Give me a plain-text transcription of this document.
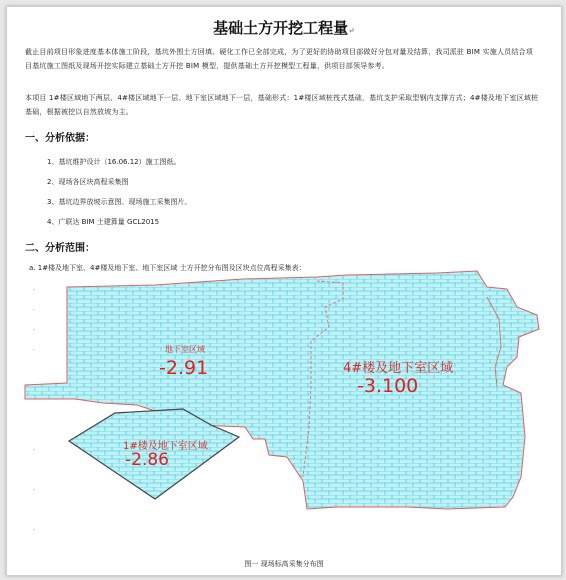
基础土方开挖工程量↵
截止目前项目形象进度基本体施工阶段，基坑外围土方回填、硬化工作已全部完成，为了更好的协助项目部做好分包对量及结算，我司派驻 BIM 实施人员结合项目基坑施工图纸及现场开挖实际建立基础土方开挖 BIM 模型，提供基础土方开挖模型工程量，供项目部领导参考。
本项目 1#楼区域地下两层、4#楼区域地下一层、地下室区域地下一层，基础形式：1#楼区域桩筏式基础，基坑支护采取型钢内支撑方式；4#楼及地下室区域桩基础，根据被挖以自然放坡为主。
一、分析依据：
1、基坑维护设计（16.06.12）施工图纸。
2、现场各区块高程采集图
3、基坑边界放坡示意图、现场施工采集图片。
4、广联达 BIM 土建算量 GCL2015
二、分析范围：
a. 1#楼及地下室、4#楼及地下室、地下室区域 土方开挖分布图及区块点位高程采集表：
.
.
.
.
.
.
.
地下室区域
-2.91	4#楼及地下室区域
-3.100
1#楼及地下室区域
-2.86
图一 现场标高采集分布图
